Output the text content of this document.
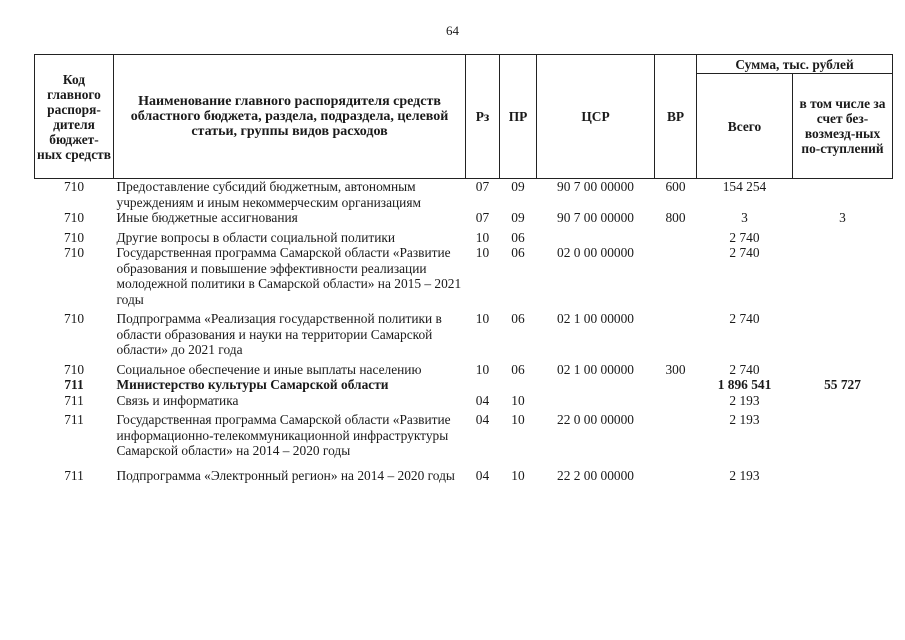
64
Код главного распоря-дителя бюджет-ных средств	Наименование главного распорядителя средств областного бюджета, раздела, подраздела, целевой статьи, группы видов расходов	Рз	ПР	ЦСР	ВР	Сумма, тыс. рублей	
						Всего	в том числе за счет без-возмезд-ных по-ступлений
710	Предоставление субсидий бюджетным, автономным учреждениям и иным некоммерческим организациям	07	09	90 7 00 00000	600	154 254	
710	Иные бюджетные ассигнования	07	09	90 7 00 00000	800	3	3
710	Другие вопросы в области социальной политики	10	06			2 740	
710	Государственная программа Самарской области «Развитие образования и повышение эффективности реализации молодежной политики в Самарской области» на 2015 – 2021 годы	10	06	02 0 00 00000		2 740	
710	Подпрограмма «Реализация государственной политики в области образования и науки на территории Самарской области» до 2021 года	10	06	02 1 00 00000		2 740	
710	Социальное обеспечение и иные выплаты населению	10	06	02 1 00 00000	300	2 740	
711	Министерство культуры Самарской области					1 896 541	55 727
711	Связь и информатика	04	10			2 193	
711	Государственная программа Самарской области «Развитие информационно-телекоммуникационной инфраструктуры Самарской области» на 2014 – 2020 годы	04	10	22 0 00 00000		2 193	
711	Подпрограмма «Электронный регион» на 2014 – 2020 годы	04	10	22 2 00 00000		2 193	
